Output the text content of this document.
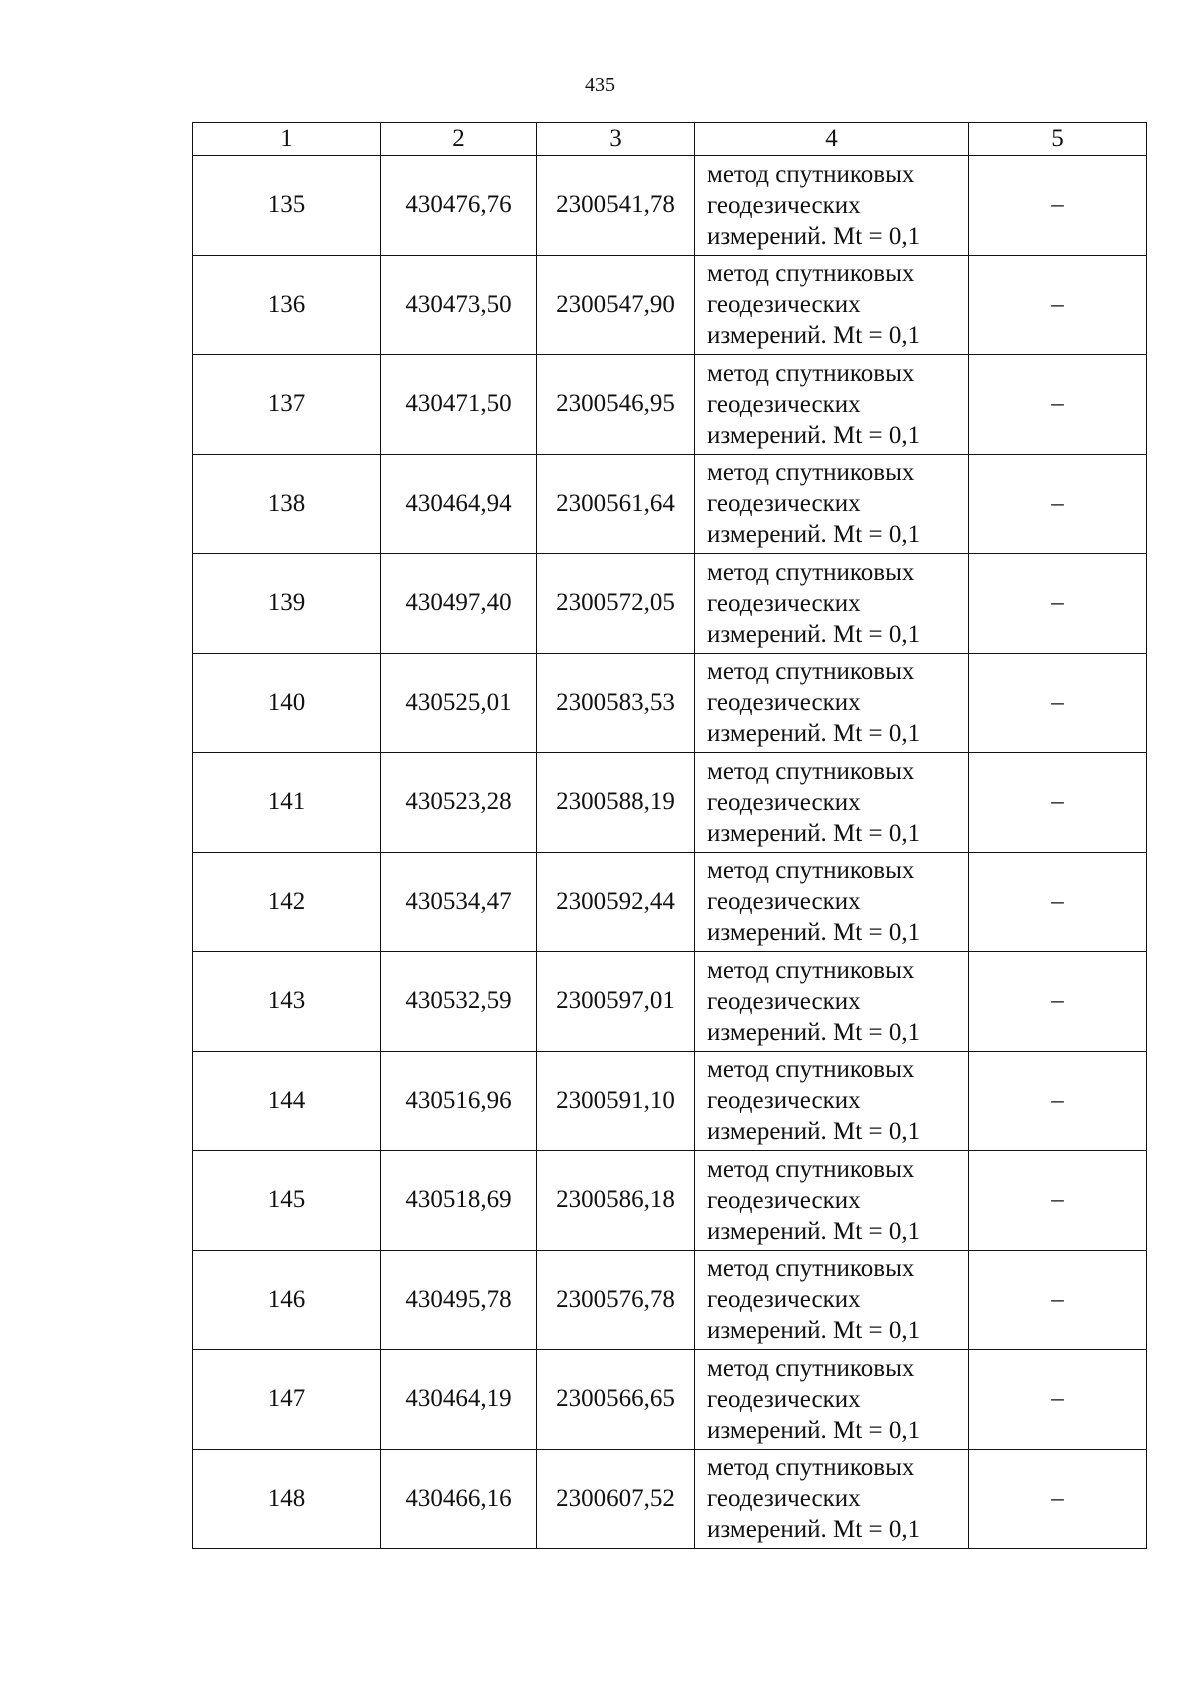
435
1	2	3	4	5
135	430476,76	2300541,78	метод спутниковых
геодезических
измерений. Mt = 0,1	–
136	430473,50	2300547,90	метод спутниковых
геодезических
измерений. Mt = 0,1	–
137	430471,50	2300546,95	метод спутниковых
геодезических
измерений. Mt = 0,1	–
138	430464,94	2300561,64	метод спутниковых
геодезических
измерений. Mt = 0,1	–
139	430497,40	2300572,05	метод спутниковых
геодезических
измерений. Mt = 0,1	–
140	430525,01	2300583,53	метод спутниковых
геодезических
измерений. Mt = 0,1	–
141	430523,28	2300588,19	метод спутниковых
геодезических
измерений. Mt = 0,1	–
142	430534,47	2300592,44	метод спутниковых
геодезических
измерений. Mt = 0,1	–
143	430532,59	2300597,01	метод спутниковых
геодезических
измерений. Mt = 0,1	–
144	430516,96	2300591,10	метод спутниковых
геодезических
измерений. Mt = 0,1	–
145	430518,69	2300586,18	метод спутниковых
геодезических
измерений. Mt = 0,1	–
146	430495,78	2300576,78	метод спутниковых
геодезических
измерений. Mt = 0,1	–
147	430464,19	2300566,65	метод спутниковых
геодезических
измерений. Mt = 0,1	–
148	430466,16	2300607,52	метод спутниковых
геодезических
измерений. Mt = 0,1	–
